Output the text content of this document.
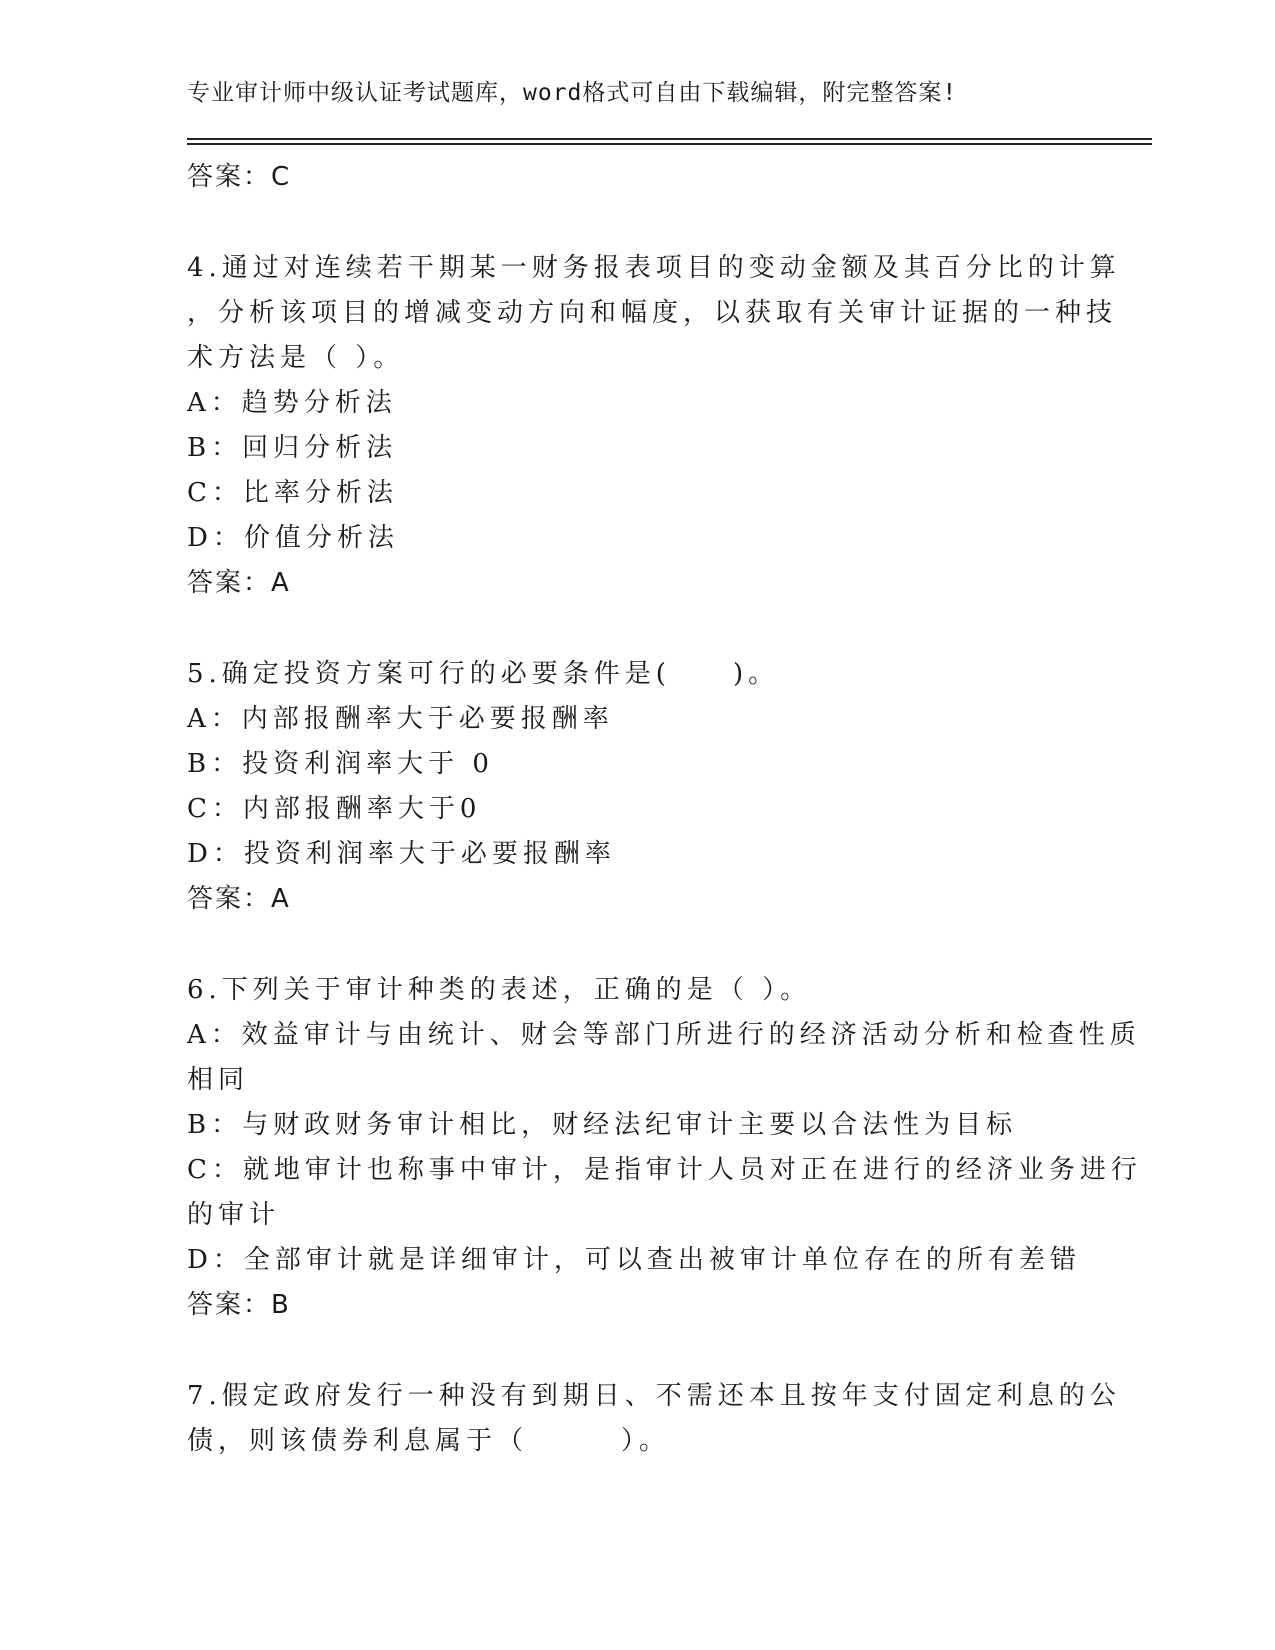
专业审计师中级认证考试题库，word格式可自由下载编辑，附完整答案!
答案：C
4.通过对连续若干期某一财务报表项目的变动金额及其百分比的计算
，分析该项目的增减变动方向和幅度，以获取有关审计证据的一种技
术方法是（ ）。
A：趋势分析法
B：回归分析法
C：比率分析法
D：价值分析法
答案：A
5.确定投资方案可行的必要条件是(　　)。
A：内部报酬率大于必要报酬率
B：投资利润率大于 0
C：内部报酬率大于0
D：投资利润率大于必要报酬率
答案：A
6.下列关于审计种类的表述，正确的是（ ）。
A：效益审计与由统计、财会等部门所进行的经济活动分析和检查性质
相同
B：与财政财务审计相比，财经法纪审计主要以合法性为目标
C：就地审计也称事中审计，是指审计人员对正在进行的经济业务进行
的审计
D：全部审计就是详细审计，可以查出被审计单位存在的所有差错
答案：B
7.假定政府发行一种没有到期日、不需还本且按年支付固定利息的公
债，则该债券利息属于（　　　）。
